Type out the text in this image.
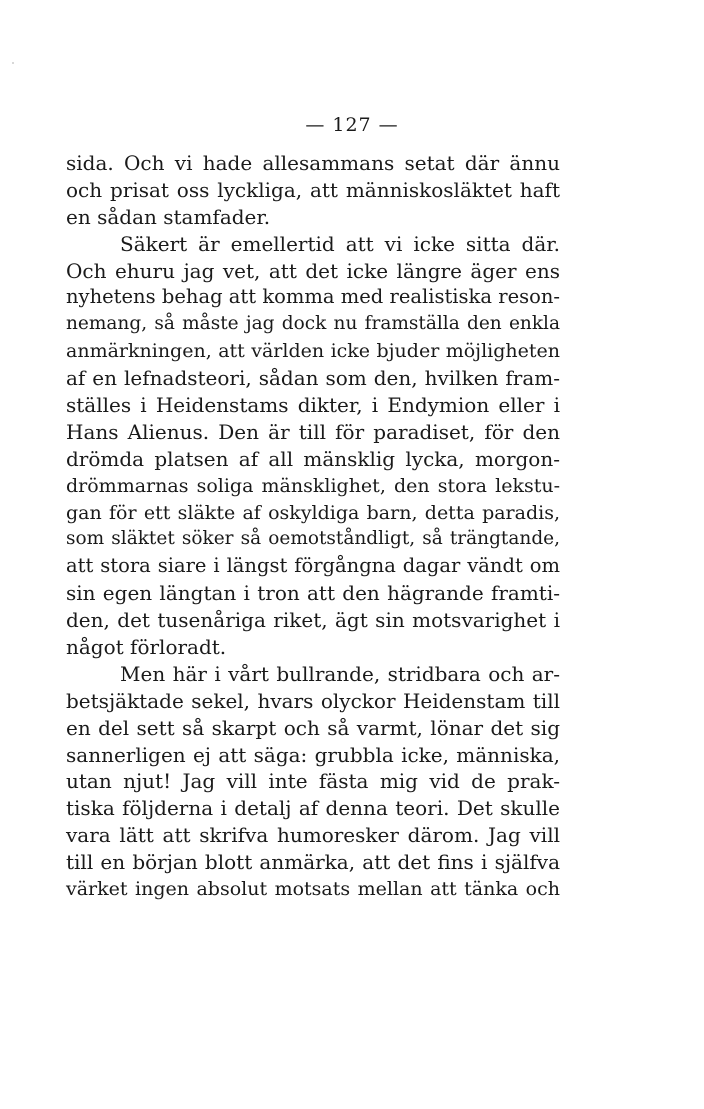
— 127 —
sida. Och vi hade allesammans setat där ännu
och prisat oss lyckliga, att människosläktet haft
en sådan stamfader.
Säkert är emellertid att vi icke sitta där.
Och ehuru jag vet, att det icke längre äger ens
nyhetens behag att komma med realistiska reson-
nemang, så måste jag dock nu framställa den enkla
anmärkningen, att världen icke bjuder möjligheten
af en lefnadsteori, sådan som den, hvilken fram-
ställes i Heidenstams dikter, i Endymion eller i
Hans Alienus. Den är till för paradiset, för den
drömda platsen af all mänsklig lycka, morgon-
drömmarnas soliga mänsklighet, den stora lekstu-
gan för ett släkte af oskyldiga barn, detta paradis,
som släktet söker så oemotståndligt, så trängtande,
att stora siare i längst förgångna dagar vändt om
sin egen längtan i tron att den hägrande framti-
den, det tusenåriga riket, ägt sin motsvarighet i
något förloradt.
Men här i vårt bullrande, stridbara och ar-
betsjäktade sekel, hvars olyckor Heidenstam till
en del sett så skarpt och så varmt, lönar det sig
sannerligen ej att säga: grubbla icke, människa,
utan njut! Jag vill inte fästa mig vid de prak-
tiska följderna i detalj af denna teori. Det skulle
vara lätt att skrifva humoresker därom. Jag vill
till en början blott anmärka, att det fins i själfva
värket ingen absolut motsats mellan att tänka och
